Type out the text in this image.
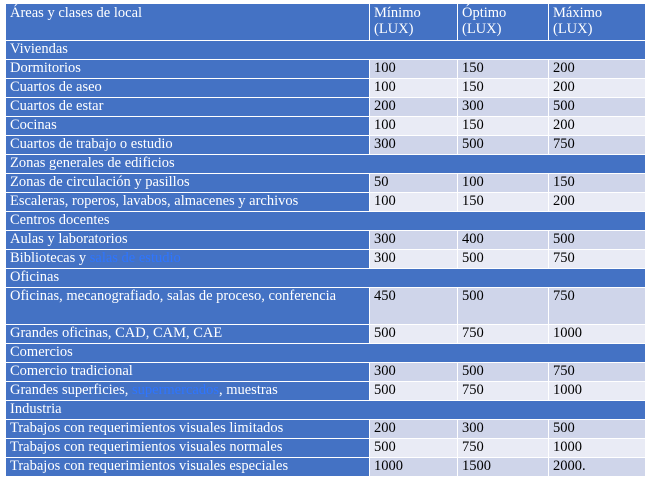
Áreas y clases de local	Mínimo (LUX)	Óptimo (LUX)	Máximo (LUX)
Viviendas			
Dormitorios	100	150	200
Cuartos de aseo	100	150	200
Cuartos de estar	200	300	500
Cocinas	100	150	200
Cuartos de trabajo o estudio	300	500	750
Zonas generales de edificios			
Zonas de circulación y pasillos	50	100	150
Escaleras, roperos, lavabos, almacenes y archivos	100	150	200
Centros docentes			
Aulas y laboratorios	300	400	500
Bibliotecas y salas de estudio	300	500	750
Oficinas			
Oficinas, mecanografiado, salas de proceso, conferencia	450	500	750
Grandes oficinas, CAD, CAM, CAE	500	750	1000
Comercios			
Comercio tradicional	300	500	750
Grandes superficies, supermercados, muestras	500	750	1000
Industria			
Trabajos con requerimientos visuales limitados	200	300	500
Trabajos con requerimientos visuales normales	500	750	1000
Trabajos con requerimientos visuales especiales	1000	1500	2000.
